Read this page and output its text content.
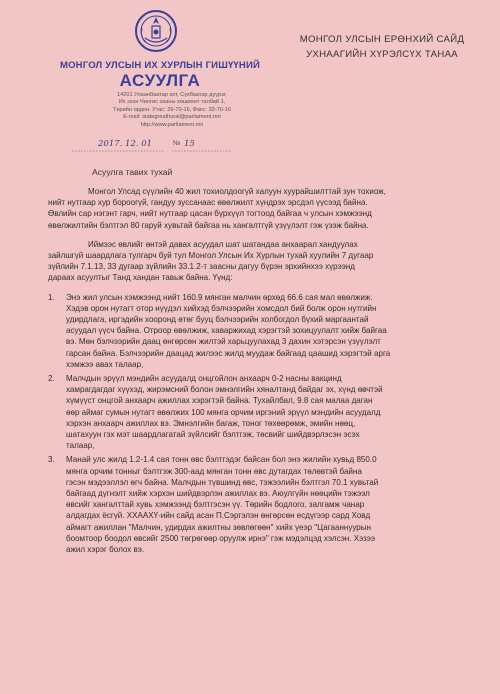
МОНГОЛ УЛСЫН ИХ ХУРЛЫН ГИШҮҮНИЙ
АСУУЛГА
14201 Улаанбаатар хот, Сүхбаатар дүүрэг,
Их эзэн Чингис хааны хөшөөнт талбай 1,
Төрийн ордон. Утас: 26-70-16, Факс: 32-70-16
E-mail: stategreathural@parliament.mn
http://www.parliament.mn
2017. 12. 01	№ 15
МОНГОЛ УЛСЫН ЕРӨНХИЙ САЙД
УХНААГИЙН ХҮРЭЛСҮХ ТАНАА
Асуулга тавих тухай
Монгол Улсад сүүлийн 40 жил тохиолдоогүй халуун хуурайшилттай зун тохиож,
нийт нутгаар хур бороогүй, гандуу зуссанаас өвөлжилт хүндрэх эрсдэл үүсээд байна.
Өвлийн сар нэгэнт гарч, нийт нутгаар цасан бүрхүүл тогтоод байгаа ч улсын хэмжээнд
өвөлжилтийн бэлтгэл 80 гаруй хувьтай байгаа нь хангалтгүй үзүүлэлт гэж үзэж байна.
Иймээс өвлийг өнтэй давах асуудал шат шатандаа анхаарал хандуулах
зайлшгүй шаардлага тулгарч буй тул Монгол Улсын Их Хурлын тухай хуулийн 7 дугаар
зүйлийн 7.1.13, 33 дугаар зүйлийн 33.1.2-т заасны дагуу бүрэн эрхийнхээ хүрээнд
дараах асуултыг Танд хандан тавьж байна. Үүнд:
1. Энэ жил улсын хэмжээнд нийт 160.9 мянган малчин өрхөд 66.6 сая мал өвөлжиж.
Хэдэв орон нутагт отор нүүдэл хийхэд бэлчээрийн хомсдол бий болж орон нутгийн
удирдлага, иргэдийн хооронд өтөг бууц бэлчээрийн холбогдол бүхий маргаантай
асуудал үүсч байна. Отроор өвөлжиж, хаваржихад хэрэгтэй зохицуулалт хийж байгаа
вэ. Мөн бэлчээрийн даац өнгөрсөн жилтэй харьцуулахад 3 дахин хэтэрсэн үзүүлэлт
гарсан байна. Бэлчээрийн даацад жилээс жилд муудаж байгаад цаашид хэрэгтэй арга
хэмжээ авах талаар,
2. Малчдын эрүүл мэндийн асуудалд онцгойлон анхаарч 0-2 насны вакцинд
хамрагдагдаг хүүхэд, жирэмсний болон эмнэлгийн хяналтанд байдаг эх, хүнд өвчтэй
хүмүүст онцгой анхаарч ажиллах хэрэгтэй байна. Тухайлбал, 9.8 сая малаа даган
өөр аймаг сумын нутагт өвөлжих 100 мянга орчим иргэний эрүүл мэндийн асуудалд
хэрхэн анхаарч ажиллах вэ. Эмнэлгийн багаж, тоног төхөөрөмж, эмийн нөөц,
шатахуун гэх мэт шаардлагатай зүйлсийг бэлтгэж, төсвийг шийдвэрлэсэн эсэх
талаар,
3. Манай улс жилд 1.2-1.4 сая тонн өвс бэлтгэдэг байсан бол энэ жилийн хувьд 850.0
мянга орчим тонныг бэлтгэж 300-аад мянган тонн өвс дутагдах төлөвтэй байна
гэсэн мэдээллэл өгч байна. Малчдын түвшинд өвс, тэжээлийн бэлтгэл 70.1 хувьтай
байгаад дүгнэлт хийж хэрхэн шийдвэрлэн ажиллах вэ. Аюулгүйн нөөцийн тэжээл
өвсийг хангалттай хувь хэмжээнд бэлтгэсэн үү. Төрийн бодлого, залгамж чанар
алдагдах ёсгүй. ХХААХҮ-ийн сайд асан П.Сэргэлэн өнгөрсөн есдүгээр сард Ховд
аймагт ажиллан "Малчин, удирдах ажилтны зөвлөгөөн" хийх үеэр "Цагааннуурын
боомтоор боодол өвсийг 2500 төгрөгөөр оруулж ирнэ" гэж мэдэлцэд хэлсэн. Хэзээ
ажил хэрэг болох вэ.
